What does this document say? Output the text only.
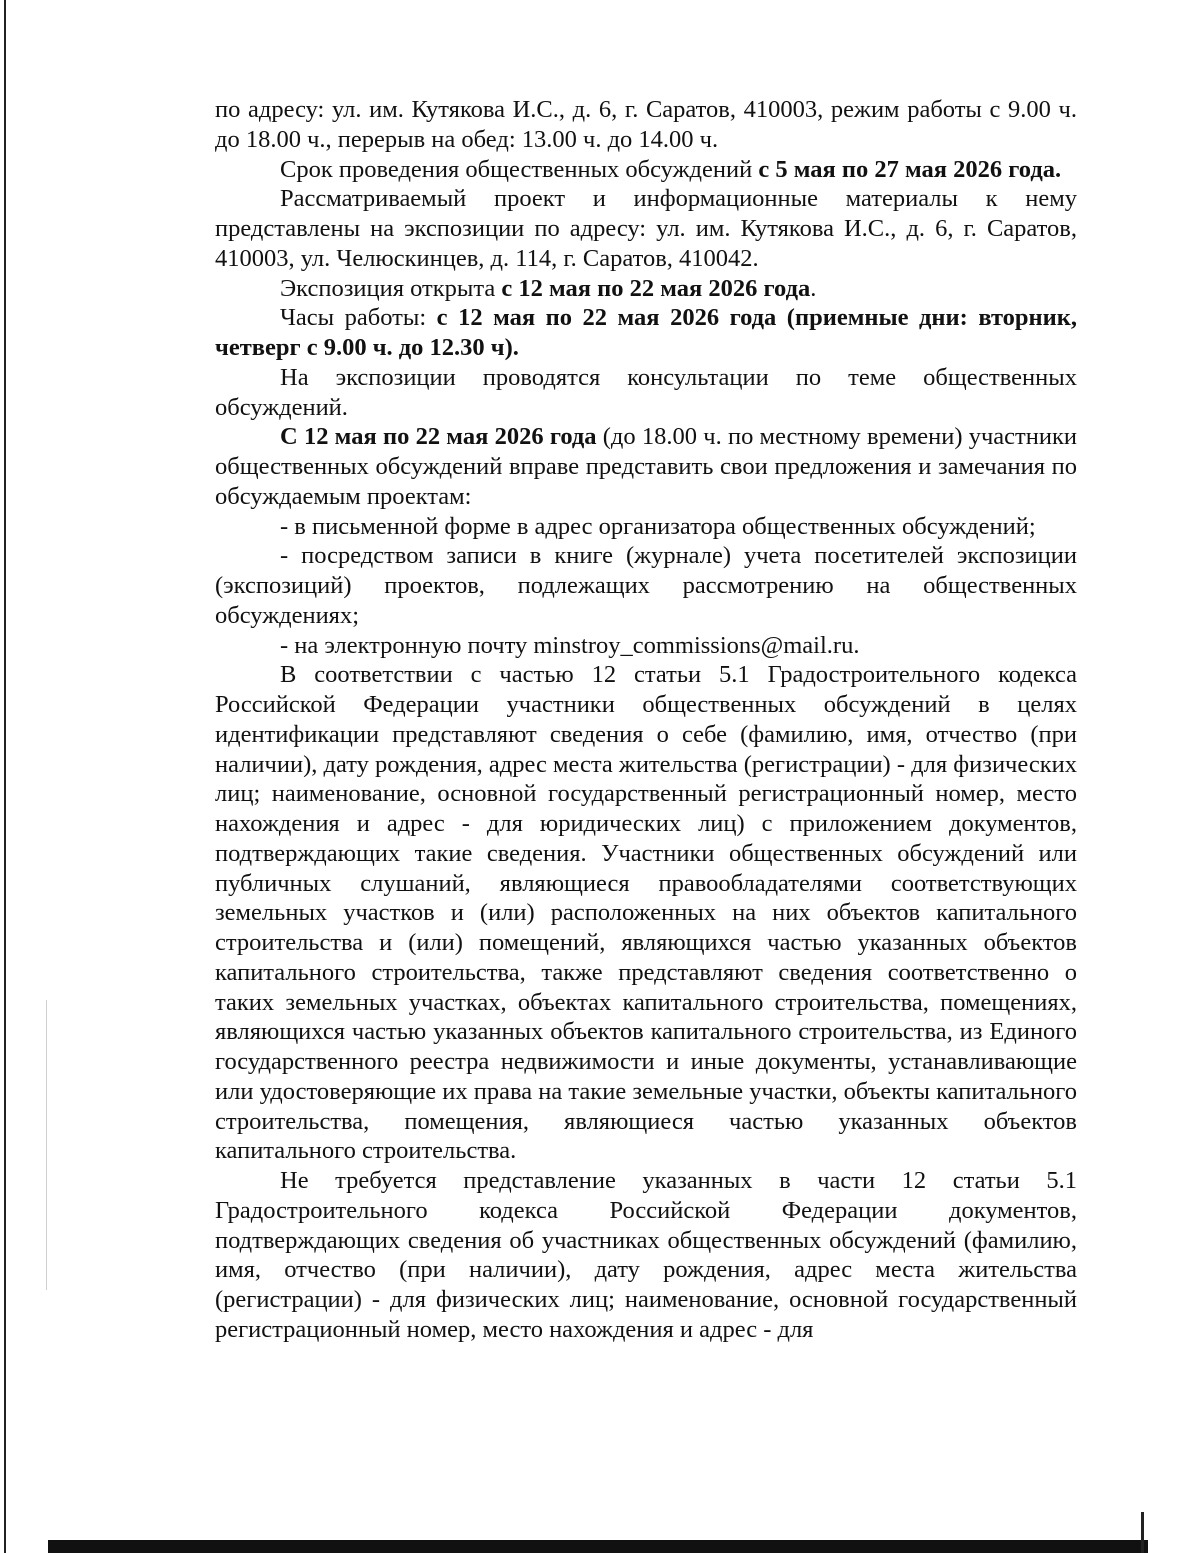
по адресу: ул. им. Кутякова И.С., д. 6, г. Саратов, 410003, режим работы с 9.00 ч. до 18.00 ч., перерыв на обед: 13.00 ч. до 14.00 ч.

Срок проведения общественных обсуждений с 5 мая по 27 мая 2026 года.

Рассматриваемый проект и информационные материалы к нему представлены на экспозиции по адресу: ул. им. Кутякова И.С., д. 6, г. Саратов, 410003, ул. Челюскинцев, д. 114, г. Саратов, 410042.

Экспозиция открыта с 12 мая по 22 мая 2026 года.

Часы работы: с 12 мая по 22 мая 2026 года (приемные дни: вторник, четверг с 9.00 ч. до 12.30 ч).

На экспозиции проводятся консультации по теме общественных обсуждений.

С 12 мая по 22 мая 2026 года (до 18.00 ч. по местному времени) участники общественных обсуждений вправе представить свои предложения и замечания по обсуждаемым проектам:

- в письменной форме в адрес организатора общественных обсуждений;

- посредством записи в книге (журнале) учета посетителей экспозиции (экспозиций) проектов, подлежащих рассмотрению на общественных обсуждениях;

- на электронную почту minstroy_commissions@mail.ru.

В соответствии с частью 12 статьи 5.1 Градостроительного кодекса Российской Федерации участники общественных обсуждений в целях идентификации представляют сведения о себе (фамилию, имя, отчество (при наличии), дату рождения, адрес места жительства (регистрации) - для физических лиц; наименование, основной государственный регистрационный номер, место нахождения и адрес - для юридических лиц) с приложением документов, подтверждающих такие сведения. Участники общественных обсуждений или публичных слушаний, являющиеся правообладателями соответствующих земельных участков и (или) расположенных на них объектов капитального строительства и (или) помещений, являющихся частью указанных объектов капитального строительства, также представляют сведения соответственно о таких земельных участках, объектах капитального строительства, помещениях, являющихся частью указанных объектов капитального строительства, из Единого государственного реестра недвижимости и иные документы, устанавливающие или удостоверяющие их права на такие земельные участки, объекты капитального строительства, помещения, являющиеся частью указанных объектов капитального строительства.

Не требуется представление указанных в части 12 статьи 5.1 Градостроительного кодекса Российской Федерации документов, подтверждающих сведения об участниках общественных обсуждений (фамилию, имя, отчество (при наличии), дату рождения, адрес места жительства (регистрации) - для физических лиц; наименование, основной государственный регистрационный номер, место нахождения и адрес - для
